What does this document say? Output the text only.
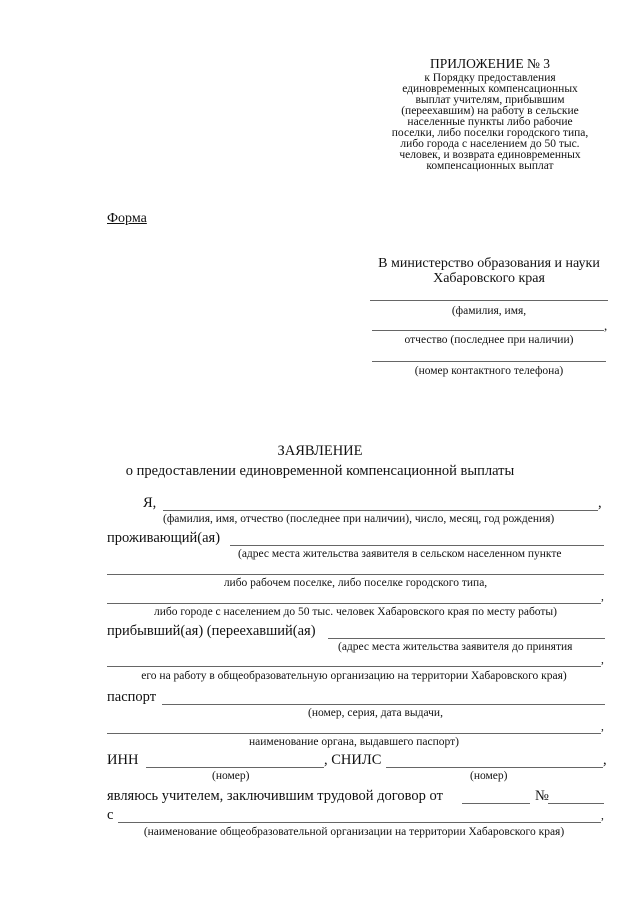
ПРИЛОЖЕНИЕ № 3
к Порядку предоставления
единовременных компенсационных
выплат учителям, прибывшим
(переехавшим) на работу в сельские
населенные пункты либо рабочие
поселки, либо поселки городского типа,
либо города с населением до 50 тыс.
человек, и возврата единовременных
компенсационных выплат
Форма
В министерство образования и науки
Хабаровского края
(фамилия, имя,
,
отчество (последнее при наличии)
(номер контактного телефона)
ЗАЯВЛЕНИЕ
о предоставлении единовременной компенсационной выплаты
Я,	,
(фамилия, имя, отчество (последнее при наличии), число, месяц, год рождения)
проживающий(ая)
(адрес места жительства заявителя в сельском населенном пункте
либо рабочем поселке, либо поселке городского типа,
,
либо городе с населением до 50 тыс. человек Хабаровского края по месту работы)
прибывший(ая) (переехавший(ая)
(адрес места жительства заявителя до принятия
,
его на работу в общеобразовательную организацию на территории Хабаровского края)
паспорт
(номер, серия, дата выдачи,
,
наименование органа, выдавшего паспорт)
ИНН	, СНИЛС	,
(номер)	(номер)
являюсь учителем, заключившим трудовой договор от	№
с	,
(наименование общеобразовательной организации на территории Хабаровского края)
